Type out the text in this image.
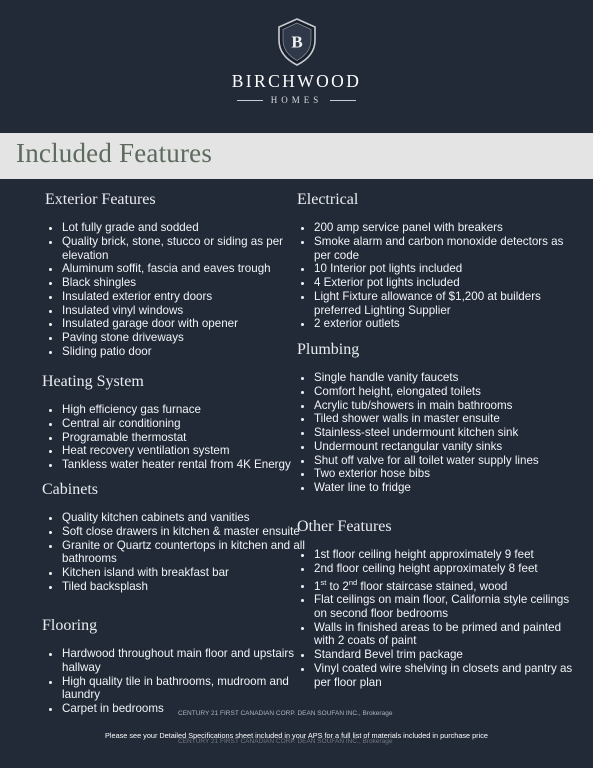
B
BIRCHWOOD
HOMES
Included Features
Exterior Features
• Lot fully grade and sodded
• Quality brick, stone, stucco or siding as per elevation
• Aluminum soffit, fascia and eaves trough
• Black shingles
• Insulated exterior entry doors
• Insulated vinyl windows
• Insulated garage door with opener
• Paving stone driveways
• Sliding patio door
Heating System
• High efficiency gas furnace
• Central air conditioning
• Programable thermostat
• Heat recovery ventilation system
• Tankless water heater rental from 4K Energy
Cabinets
• Quality kitchen cabinets and vanities
• Soft close drawers in kitchen & master ensuite
• Granite or Quartz countertops in kitchen and all bathrooms
• Kitchen island with breakfast bar
• Tiled backsplash
Flooring
• Hardwood throughout main floor and upstairs hallway
• High quality tile in bathrooms, mudroom and laundry
• Carpet in bedrooms
Electrical
• 200 amp service panel with breakers
• Smoke alarm and carbon monoxide detectors as per code
• 10 Interior pot lights included
• 4 Exterior pot lights included
• Light Fixture allowance of $1,200 at builders preferred Lighting Supplier
• 2 exterior outlets
Plumbing
• Single handle vanity faucets
• Comfort height, elongated toilets
• Acrylic tub/showers in main bathrooms
• Tiled shower walls in master ensuite
• Stainless-steel undermount kitchen sink
• Undermount rectangular vanity sinks
• Shut off valve for all toilet water supply lines
• Two exterior hose bibs
• Water line to fridge
Other Features
• 1st floor ceiling height approximately 9 feet
• 2nd floor ceiling height approximately 8 feet
• 1st to 2nd floor staircase stained, wood
• Flat ceilings on main floor, California style ceilings on second floor bedrooms
• Walls in finished areas to be primed and painted with 2 coats of paint
• Standard Bevel trim package
• Vinyl coated wire shelving in closets and pantry as per floor plan
CENTURY 21 FIRST CANADIAN CORP. DEAN SOUFAN INC., Brokerage
Please see your Detailed Specifications sheet included in your APS for a full list of materials included in purchase price
CENTURY 21 FIRST CANADIAN CORP. DEAN SOUFAN INC., Brokerage
